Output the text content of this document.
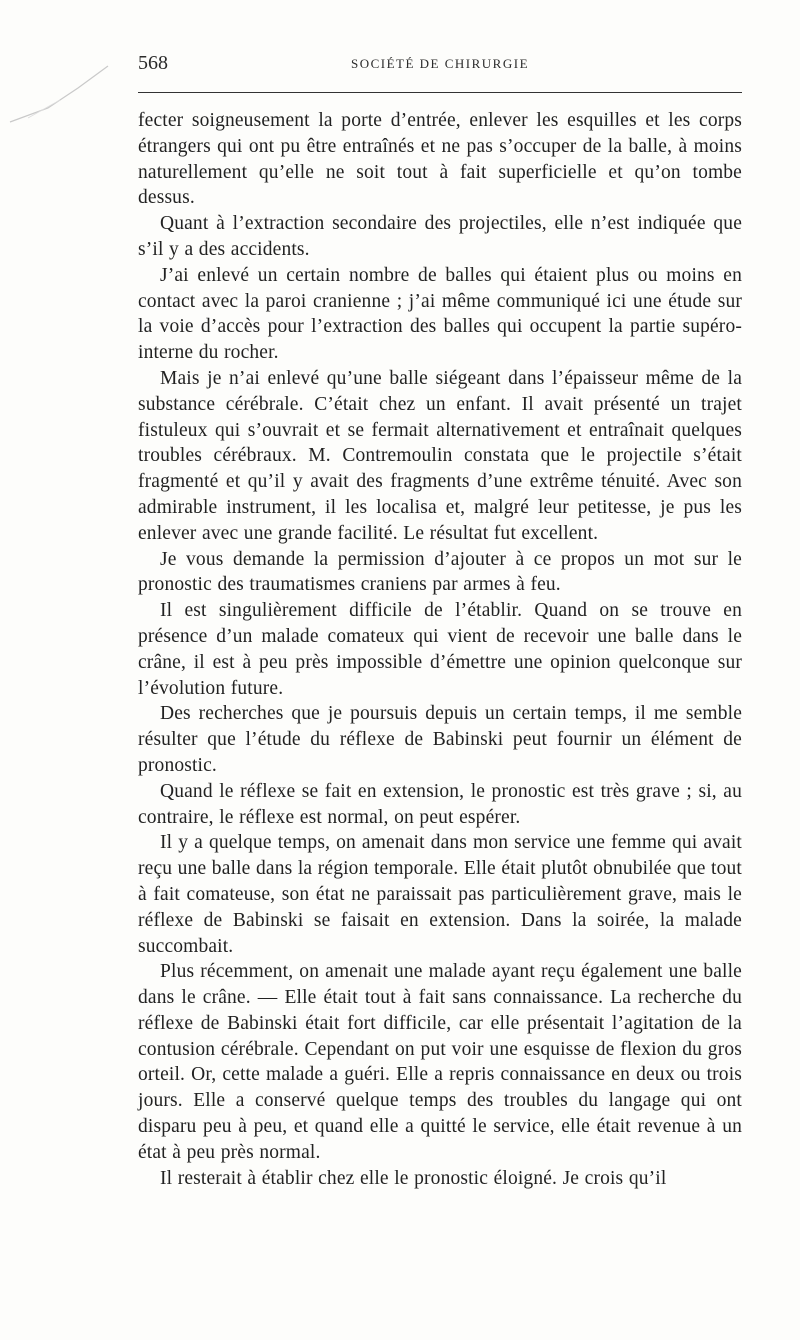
568	SOCIÉTÉ DE CHIRURGIE

fecter soigneusement la porte d’entrée, enlever les esquilles et les corps étrangers qui ont pu être entraînés et ne pas s’occuper de la balle, à moins naturellement qu’elle ne soit tout à fait superficielle et qu’on tombe dessus.

Quant à l’extraction secondaire des projectiles, elle n’est indiquée que s’il y a des accidents.

J’ai enlevé un certain nombre de balles qui étaient plus ou moins en contact avec la paroi cranienne ; j’ai même communiqué ici une étude sur la voie d’accès pour l’extraction des balles qui occupent la partie supéro-interne du rocher.

Mais je n’ai enlevé qu’une balle siégeant dans l’épaisseur même de la substance cérébrale. C’était chez un enfant. Il avait présenté un trajet fistuleux qui s’ouvrait et se fermait alternativement et entraînait quelques troubles cérébraux. M. Contremoulin constata que le projectile s’était fragmenté et qu’il y avait des fragments d’une extrême ténuité. Avec son admirable instrument, il les localisa et, malgré leur petitesse, je pus les enlever avec une grande facilité. Le résultat fut excellent.

Je vous demande la permission d’ajouter à ce propos un mot sur le pronostic des traumatismes craniens par armes à feu.

Il est singulièrement difficile de l’établir. Quand on se trouve en présence d’un malade comateux qui vient de recevoir une balle dans le crâne, il est à peu près impossible d’émettre une opinion quelconque sur l’évolution future.

Des recherches que je poursuis depuis un certain temps, il me semble résulter que l’étude du réflexe de Babinski peut fournir un élément de pronostic.

Quand le réflexe se fait en extension, le pronostic est très grave ; si, au contraire, le réflexe est normal, on peut espérer.

Il y a quelque temps, on amenait dans mon service une femme qui avait reçu une balle dans la région temporale. Elle était plutôt obnubilée que tout à fait comateuse, son état ne paraissait pas particulièrement grave, mais le réflexe de Babinski se faisait en extension. Dans la soirée, la malade succombait.

Plus récemment, on amenait une malade ayant reçu également une balle dans le crâne. — Elle était tout à fait sans connaissance. La recherche du réflexe de Babinski était fort difficile, car elle présentait l’agitation de la contusion cérébrale. Cependant on put voir une esquisse de flexion du gros orteil. Or, cette malade a guéri. Elle a repris connaissance en deux ou trois jours. Elle a conservé quelque temps des troubles du langage qui ont disparu peu à peu, et quand elle a quitté le service, elle était revenue à un état à peu près normal.

Il resterait à établir chez elle le pronostic éloigné. Je crois qu’il
